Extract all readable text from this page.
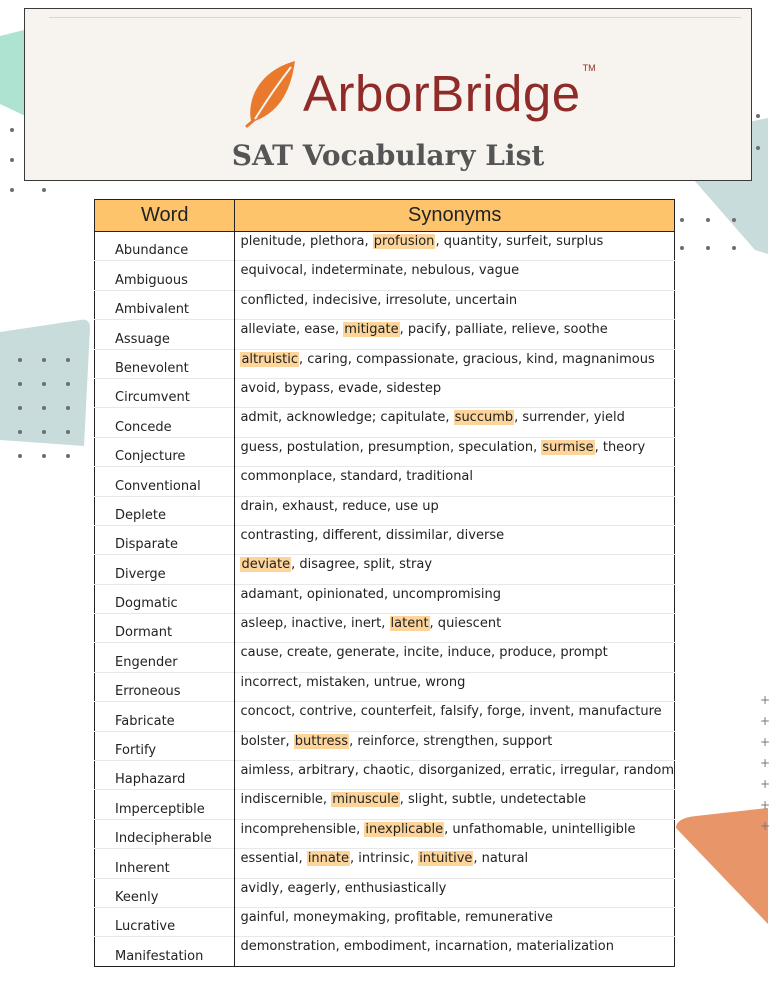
+
+
+
+
+
+
+
ArborBridge TM
SAT Vocabulary List
Word	Synonyms
Abundance	plenitude, plethora, profusion, quantity, surfeit, surplus
Ambiguous	equivocal, indeterminate, nebulous, vague
Ambivalent	conflicted, indecisive, irresolute, uncertain
Assuage	alleviate, ease, mitigate, pacify, palliate, relieve, soothe
Benevolent	altruistic, caring, compassionate, gracious, kind, magnanimous
Circumvent	avoid, bypass, evade, sidestep
Concede	admit, acknowledge; capitulate, succumb, surrender, yield
Conjecture	guess, postulation, presumption, speculation, surmise, theory
Conventional	commonplace, standard, traditional
Deplete	drain, exhaust, reduce, use up
Disparate	contrasting, different, dissimilar, diverse
Diverge	deviate, disagree, split, stray
Dogmatic	adamant, opinionated, uncompromising
Dormant	asleep, inactive, inert, latent, quiescent
Engender	cause, create, generate, incite, induce, produce, prompt
Erroneous	incorrect, mistaken, untrue, wrong
Fabricate	concoct, contrive, counterfeit, falsify, forge, invent, manufacture
Fortify	bolster, buttress, reinforce, strengthen, support
Haphazard	aimless, arbitrary, chaotic, disorganized, erratic, irregular, random
Imperceptible	indiscernible, minuscule, slight, subtle, undetectable
Indecipherable	incomprehensible, inexplicable, unfathomable, unintelligible
Inherent	essential, innate, intrinsic, intuitive, natural
Keenly	avidly, eagerly, enthusiastically
Lucrative	gainful, moneymaking, profitable, remunerative
Manifestation	demonstration, embodiment, incarnation, materialization
